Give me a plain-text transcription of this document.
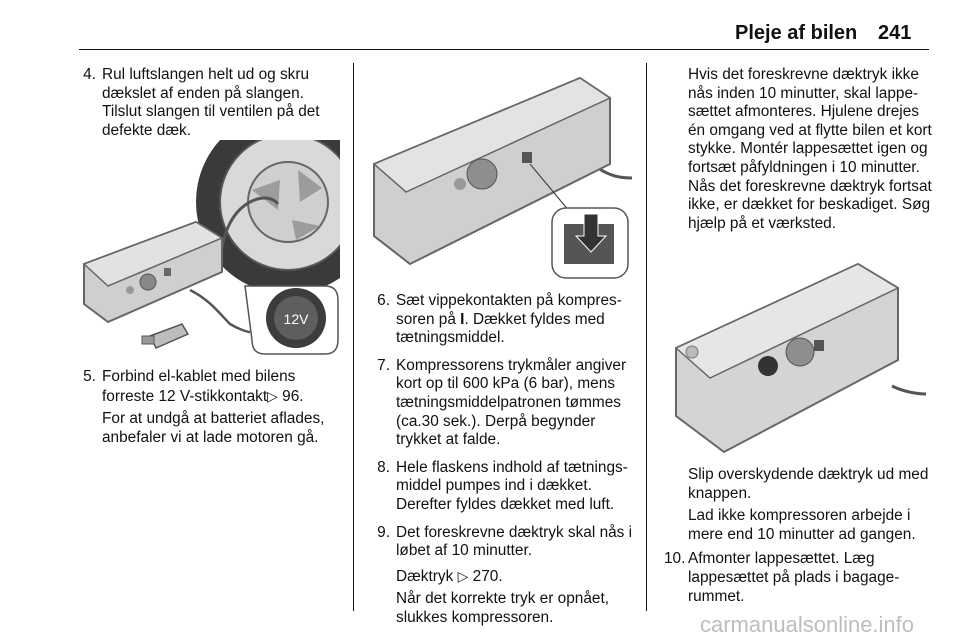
Pleje af bilen 241
4. Rul luftslangen helt ud og skru dækslet af enden på slangen. Tilslut slangen til ventilen på det defekte dæk.
12V
5. Forbind el-kablet med bilens forreste 12 V-stikkontakt▷ 96.
For at undgå at batteriet aflades, anbefaler vi at lade motoren gå.
6. Sæt vippekontakten på kompressoren på I. Dækket fyldes med tætningsmiddel.
7. Kompressorens trykmåler angiver kort op til 600 kPa (6 bar), mens tætningsmiddelpatronen tømmes (ca.30 sek.). Derpå begynder trykket at falde.
8. Hele flaskens indhold af tætningsmiddel pumpes ind i dækket. Derefter fyldes dækket med luft.
9. Det foreskrevne dæktryk skal nås i løbet af 10 minutter.
Dæktryk ▷ 270.
Når det korrekte tryk er opnået, slukkes kompressoren.
Hvis det foreskrevne dæktryk ikke nås inden 10 minutter, skal lappesættet afmonteres. Hjulene drejes én omgang ved at flytte bilen et kort stykke. Montér lappesættet igen og fortsæt påfyldningen i 10 minutter. Nås det foreskrevne dæktryk fortsat ikke, er dækket for beskadiget. Søg hjælp på et værksted.
Slip overskydende dæktryk ud med knappen.
Lad ikke kompressoren arbejde i mere end 10 minutter ad gangen.
10. Afmonter lappesættet. Læg lappesættet på plads i bagagerummet.
carmanualsonline.info
